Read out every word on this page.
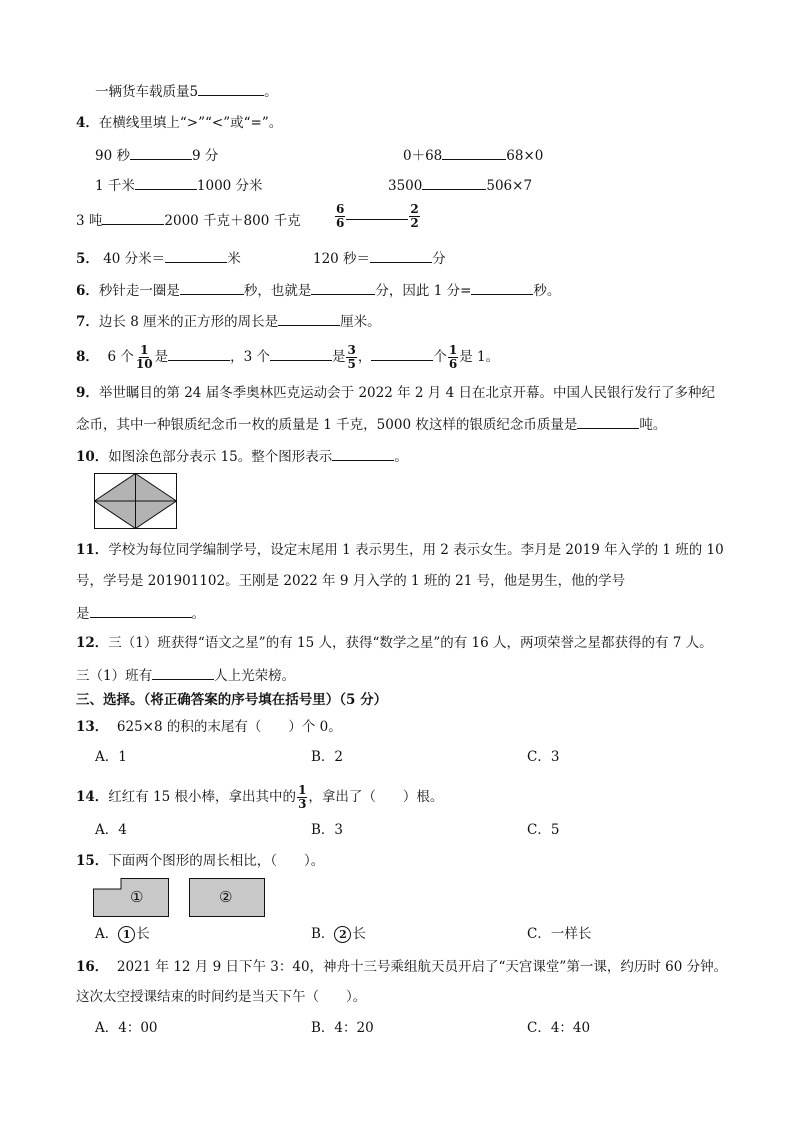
一辆货车载质量5	。
4．在横线里填上“>”“<”或“=”。
90 秒	9 分	0＋68	68×0
1 千米	1000 分米	3500	506×7
3 吨	2000 千克＋800 千克	$\frac{6}{6}$	$\frac{2}{2}$
5． 40 分米＝	米	120 秒＝	分
6．秒针走一圈是	秒，也就是	分，因此 1 分=	秒。
7．边长 8 厘米的正方形的周长是	厘米。
8． 6 个 $\frac{1}{10}$ 是	，3 个	是 $\frac{3}{5}$ ，	个 $\frac{1}{6}$ 是 1。
9．举世瞩目的第 24 届冬季奥林匹克运动会于 2022 年 2 月 4 日在北京开幕。中国人民银行发行了多种纪
念币，其中一种银质纪念币一枚的质量是 1 千克，5000 枚这样的银质纪念币质量是	吨。
10．如图涂色部分表示 15。整个图形表示	。
11．学校为每位同学编制学号，设定末尾用 1 表示男生，用 2 表示女生。李月是 2019 年入学的 1 班的 10
号，学号是 201901102。王刚是 2022 年 9 月入学的 1 班的 21 号，他是男生，他的学号
是	。
12．三（1）班获得“语文之星”的有 15 人，获得“数学之星”的有 16 人，两项荣誉之星都获得的有 7 人。
三（1）班有	人上光荣榜。
三、选择。（将正确答案的序号填在括号里）（5 分）
13． 625×8 的积的末尾有（　　）个 0。
A．1	B．2	C．3
14．红红有 15 根小棒，拿出其中的 $\frac{1}{3}$ ，拿出了（　　）根。
A．4	B．3	C．5
15．下面两个图形的周长相比，（　　）。
①	②
A． 1 长	B． 2 长	C．一样长
16． 2021 年 12 月 9 日下午 3：40，神舟十三号乘组航天员开启了“天宫课堂”第一课，约历时 60 分钟。
这次太空授课结束的时间约是当天下午（　　）。
A．4：00	B．4：20	C．4：40
